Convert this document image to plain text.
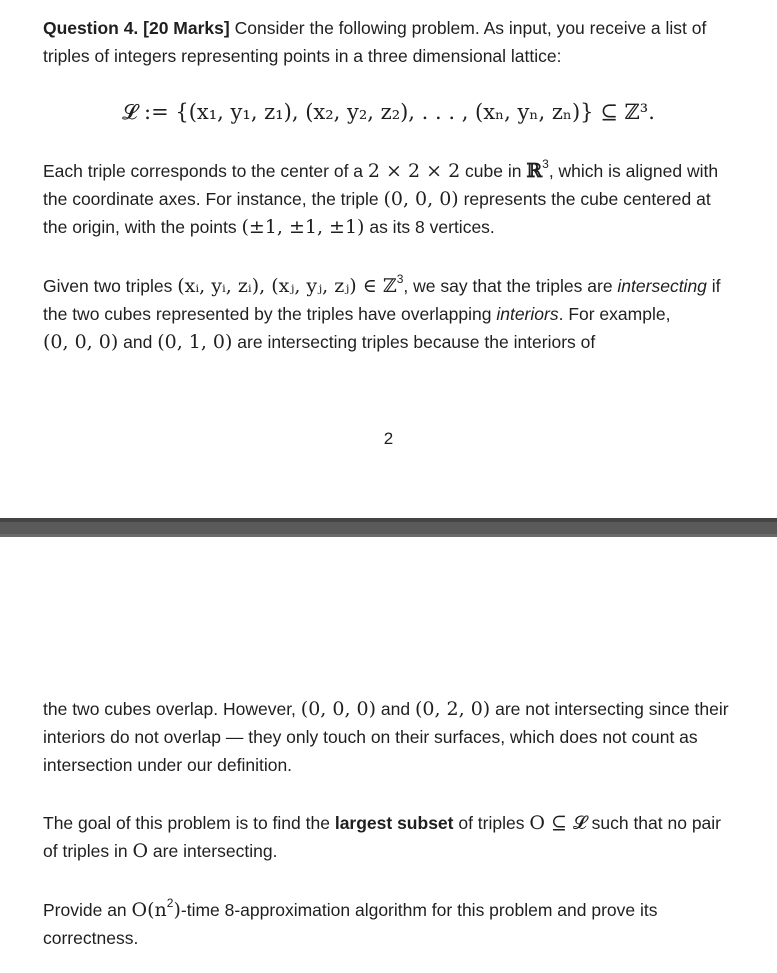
Question 4. [20 Marks] Consider the following problem. As input, you receive a list of triples of integers representing points in a three dimensional lattice:
𝓛 := {(x₁, y₁, z₁), (x₂, y₂, z₂), . . . , (xₙ, yₙ, zₙ)} ⊆ ℤ³.
Each triple corresponds to the center of a 2 × 2 × 2 cube in ℝ$^3$, which is aligned with the coordinate axes. For instance, the triple (0, 0, 0) represents the cube centered at the origin, with the points (±1, ±1, ±1) as its 8 vertices.
Given two triples (xᵢ, yᵢ, zᵢ), (xⱼ, yⱼ, zⱼ) ∈ ℤ$^3$, we say that the triples are intersecting if the two cubes represented by the triples have overlapping interiors. For example, (0, 0, 0) and (0, 1, 0) are intersecting triples because the interiors of
2
the two cubes overlap. However, (0, 0, 0) and (0, 2, 0) are not intersecting since their interiors do not overlap — they only touch on their surfaces, which does not count as intersection under our definition.
The goal of this problem is to find the largest subset of triples O ⊆ 𝓛 such that no pair of triples in O are intersecting.
Provide an $O(n^2)$-time 8-approximation algorithm for this problem and prove its correctness.
